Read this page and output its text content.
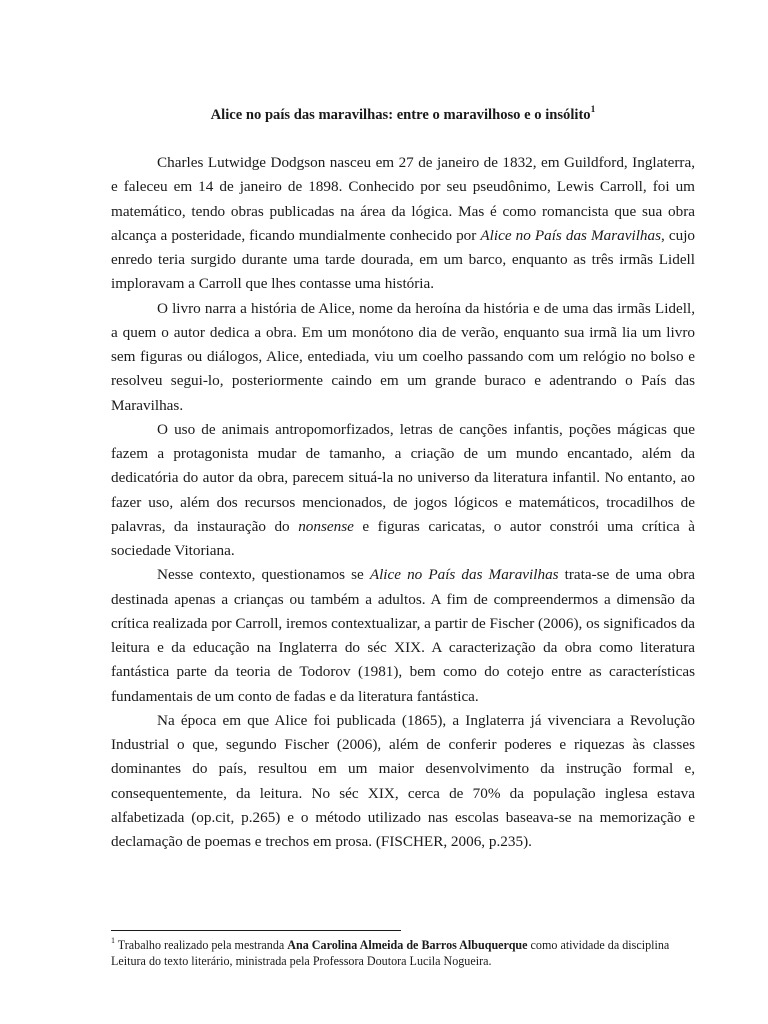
Alice no país das maravilhas: entre o maravilhoso e o insólito$^1$

Charles Lutwidge Dodgson nasceu em 27 de janeiro de 1832, em Guildford, Inglaterra, e faleceu em 14 de janeiro de 1898. Conhecido por seu pseudônimo, Lewis Carroll, foi um matemático, tendo obras publicadas na área da lógica. Mas é como romancista que sua obra alcança a posteridade, ficando mundialmente conhecido por Alice no País das Maravilhas, cujo enredo teria surgido durante uma tarde dourada, em um barco, enquanto as três irmãs Lidell imploravam a Carroll que lhes contasse uma história.

O livro narra a história de Alice, nome da heroína da história e de uma das irmãs Lidell, a quem o autor dedica a obra. Em um monótono dia de verão, enquanto sua irmã lia um livro sem figuras ou diálogos, Alice, entediada, viu um coelho passando com um relógio no bolso e resolveu segui-lo, posteriormente caindo em um grande buraco e adentrando o País das Maravilhas.

O uso de animais antropomorfizados, letras de canções infantis, poções mágicas que fazem a protagonista mudar de tamanho, a criação de um mundo encantado, além da dedicatória do autor da obra, parecem situá-la no universo da literatura infantil. No entanto, ao fazer uso, além dos recursos mencionados, de jogos lógicos e matemáticos, trocadilhos de palavras, da instauração do nonsense e figuras caricatas, o autor constrói uma crítica à sociedade Vitoriana.

Nesse contexto, questionamos se Alice no País das Maravilhas trata-se de uma obra destinada apenas a crianças ou também a adultos. A fim de compreendermos a dimensão da crítica realizada por Carroll, iremos contextualizar, a partir de Fischer (2006), os significados da leitura e da educação na Inglaterra do séc XIX. A caracterização da obra como literatura fantástica parte da teoria de Todorov (1981), bem como do cotejo entre as características fundamentais de um conto de fadas e da literatura fantástica.

Na época em que Alice foi publicada (1865), a Inglaterra já vivenciara a Revolução Industrial o que, segundo Fischer (2006), além de conferir poderes e riquezas às classes dominantes do país, resultou em um maior desenvolvimento da instrução formal e, consequentemente, da leitura. No séc XIX, cerca de 70% da população inglesa estava alfabetizada (op.cit, p.265) e o método utilizado nas escolas baseava-se na memorização e declamação de poemas e trechos em prosa. (FISCHER, 2006, p.235).

$^1$ Trabalho realizado pela mestranda Ana Carolina Almeida de Barros Albuquerque como atividade da disciplina Leitura do texto literário, ministrada pela Professora Doutora Lucila Nogueira.
